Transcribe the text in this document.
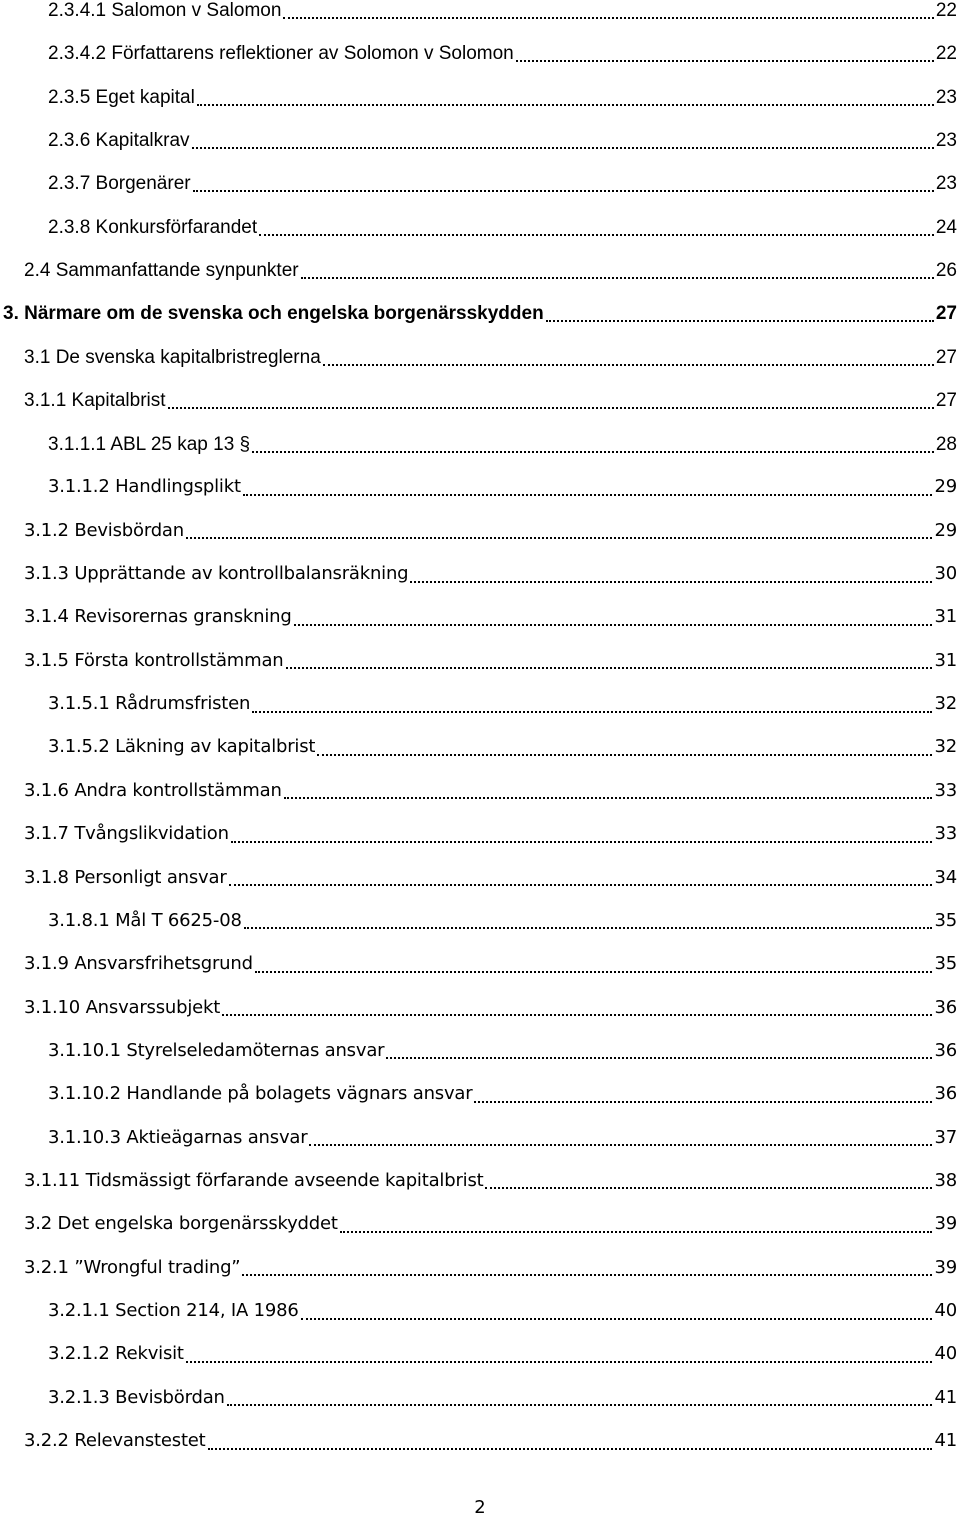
2.3.4.1 Salomon v Salomon	22
2.3.4.2 Författarens reflektioner av Solomon v Solomon	22
2.3.5 Eget kapital	23
2.3.6 Kapitalkrav	23
2.3.7 Borgenärer	23
2.3.8 Konkursförfarandet	24
2.4 Sammanfattande synpunkter	26
3. Närmare om de svenska och engelska borgenärsskydden	27
3.1 De svenska kapitalbristreglerna	27
3.1.1 Kapitalbrist	27
3.1.1.1 ABL 25 kap 13 §	28
3.1.1.2 Handlingsplikt	29
3.1.2 Bevisbördan	29
3.1.3 Upprättande av kontrollbalansräkning	30
3.1.4 Revisorernas granskning	31
3.1.5 Första kontrollstämman	31
3.1.5.1 Rådrumsfristen	32
3.1.5.2 Läkning av kapitalbrist	32
3.1.6 Andra kontrollstämman	33
3.1.7 Tvångslikvidation	33
3.1.8 Personligt ansvar	34
3.1.8.1 Mål T 6625-08	35
3.1.9 Ansvarsfrihetsgrund	35
3.1.10 Ansvarssubjekt	36
3.1.10.1 Styrelseledamöternas ansvar	36
3.1.10.2 Handlande på bolagets vägnars ansvar	36
3.1.10.3 Aktieägarnas ansvar	37
3.1.11 Tidsmässigt förfarande avseende kapitalbrist	38
3.2 Det engelska borgenärsskyddet	39
3.2.1 ”Wrongful trading”	39
3.2.1.1 Section 214, IA 1986	40
3.2.1.2 Rekvisit	40
3.2.1.3 Bevisbördan	41
3.2.2 Relevanstestet	41
2
